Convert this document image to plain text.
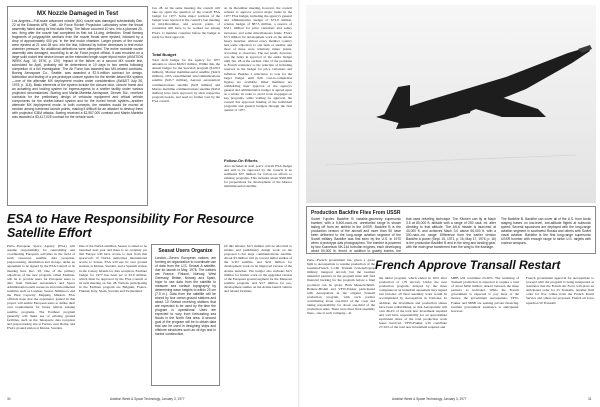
MX Nozzle Damaged in Test
Los Angeles—Full-scale advanced missile (MX) nozzle was damaged substantially Dec. 22 at the Edwards AFB, Calif., Air Force Rocket Propulsion Laboratory when the throat assembly failed during its first static firing. The failure occurred 10 sec. into a planned 20-sec. firing after the nozzle had completed its first hot 14-deg. deflection. Small flaming fragments of polygraphite sections from the nozzle throat were ejected, followed by a drop of approximately 400 psi. in the test motor chamber. Larger pieces of the nozzle were ejected at 21 and 28 sec. into the test, followed by further decreases in test motor chamber pressure. No additional deflections were attempted. The entire movable nozzle assembly was damaged, according to an Air Force project official. It was mounted on a large solid rocket test device known as the extended length super tripod motor (AVIATION WEEK Aug. 16, 1976, p. 120). Impact of the failure on a second MX nozzle test, scheduled for April, probably will be determined in 10 days to two weeks following completion of a full investigation. The Air Force has awarded two MX-related contracts. Boeing Aerospace Co., Seattle, was awarded a $7.9-million contract for design, fabrication and testing of a pre-prototype closure system for the shelter-based MX system—one of the alternate MX deployment modes under consideration (AW&ST July 26, 1976, p. 116). Basic elements of the system include the closure door, closure frame and an actuating and locking system for ingress-egress to a shelter facility under various projected circumstances. Boeing and Martin-Marietta Aerospace, Denver Div., received contracts for the preliminary design of vehicular equipment and critical vehicle components for the shelter-based system and for the buried trench system—another alternate MX deployment mode. In both concepts, the missiles would be moved at random among hardened launch points, making it difficult for an attacker to destroy them with projected ICBM attacks. Boeing received a $2,557,000 contract and Martin-Marietta was awarded a $3,417,025 contract for the vehicle work.
Jan. 28. At the same meeting, the council will take up again the question of the overall ESA budget for 1977. Some major portions of the budget were rejected at the council's last meeting in mid-December, and several points of contention still have to be worked out among ESA's 11 member countries before the budget is ready for final approval.
Total Budget
Total draft budget for the agency for 1977 amounts to about $626.5 million. Within this, the annual budget for the Spacelab program ($129.3 million), Marisat maritime/aerial satellite ($42.9 million), OTS experimental telecommunications satellite ($45.7 million), Aerosat aeronautical communications satellite ($2.8 million) and Marots maritime communications satellite ($43.6 million) have been approved by their respective program boards, and need no further vote by the ESA council.
At its December meeting, however, the council refused to approve several major items in the 1977 ESA budget, including the agency's general and administrative budget of $72.6 million, science budget of $87.5 million, a reserve of $32.1 million for price variations and salary increases, and some miscellaneous funds. ESA's $7.5 million for development work on the Ariane heavy launcher. Almost every member country had some objection to one item or another and most of these were relatively minor points, according to observers. The net result, however, was the delay in approval of the entire budget until Jan. 28 at the earliest. One of the problems is French resistance to the principle of including reserves in the budget for price variations and inflation. Besides a reluctance to vote for the larger budget until firm cost-to-completion figures are available. Other members are withholding their approval of the agency's general and administrative budget is agreed upon as a whole. In order to avoid work stoppages on key programs, while waiting for approval, the council has approved funding of the individual programs and general budgets through the first quarter of 1977.
Follow-On Efforts
Also included in next year's overall ESA budget and still to be approved by the council is an estimated $37 million for follow-on efforts to existing programs. This includes about $500,000 for preparations for development of the Marecs maritime/aerial satellite.
ESA to Have Responsibility For Resource Satellite Effort
Paris—European Space Agency (ESA) will assume responsibility for centralizing and coordinating European activities in the field of earth resources satellite data reception, preprocessing, distribution and storage, under an agreement to be signed by the ESA Council at its meeting here Dec. 28. One of the primary objectives of the new program, called Earthnet, will be to provide users for European users to data from National Aeronautics and Space Administration earth resources and environmental satellites such as Landsat, Seasat, Nimbus-G and the Heat Capacity Mapping Mission. ESA officials hope that the experience gained in this project will enable European users to define their own requirements for future remote sensing satellite programs. The Earthnet program generally will make use of existing ground facilities, such as the Telespazio data reception and preprocessing site at Fucino, near Rome, and ESA's ground station at Kiruna, Sweden.
One of the NASA satellites, Seasat, is slated to be launched next year and there is no certainty yet that Europe will have access to data from this spacecraft. If NASA authorizes international access to Seasat, ESA will use its own ground stations at Kiruna, Sweden, and a Spanish station in the Canary Islands for data reception. Earthnet budget for 1977 has been set at $3.9 million, which must be approved by the ESA Council at its next meeting on Jan. 28. Nations participating in the Earthnet program are Belgium, France, Finland, Italy, Spain, Sweden and Switzerland.
Seasat Users Organize
London—Seven European nations are forming an organization to coordinate use of data from the U.S. Seasat A satellite, due for launch in May, 1978. The nations are France, Finland, Norway, West Germany, Britain, Norway and Spain, hope to use data from the satellite to measure sea surface topography by determining wave heights to within 20 cm (7.9 in.). Data from the satellite will be stored by four ocean ground stations and about 10 Seasat receiving stations that are expected to be used by the time the program is operational. Uses are expected to vary from forecasting sea floods in the North Sea area. A second goal of the program will be to obtain data that can be used in designing ships and offshore structures such as oil rigs and in harbor construction.
Of this amount, $2.5 million will be allocated to studies and preliminary design work on the proposed L-Sat large communications satellite. About $3 million will go toward initial studies of the GTO satellite, and $2.6 million for development work on an improved version of the Ariane launcher. The budget also includes $4.5 million for further work on the upgraded version of the European ground segment for the Meteosat satellite program, and $3.7 million for pre-development studies on the Ariane launch vehicle and related facilities.
30	Aviation Week & Space Technology, January 3, 1977
Production Backfire Flies From USSR
Soviet Tupolev Backfire B variable-geometry supersonic bomber, with a 5,500-naut.-mi. unrefueled range is shown taking off from an airfield in the USSR. Backfire B is the production version of the aircraft and more than 50 have been delivered to the long-range aviation segment of the Soviet military. Backfire was first seen by the U.S. in 1970 when a prototype was photographed. The bomber is powered by two Kuznetsov NK-144 turbofan engines, each developing about 50,000 lb. thrust. In addition to gravity bombs, the
that used refueling technique. The Kitchen can fly at Mach 3.5 at 80,000 ft. altitude with a range of 250 naut. mi. after climbing to that altitude. The AS-6 missile is launched at 40,000 ft. and achieves Mach 3.0 above 60,000 ft. with a 300-naut.-mi. range. Difference from the earlier version Backfire A power (Sept. 15, 1971, p. 16; May 17, 1976, p. 16) is the production Backfire B and in the wing and landing gear, with the main gear transferred from the wing to the fuselage.
The Backfire B. Backfire can cover all of the U.S. from Arctic staging bases on low-level, low-altitude flights at subsonic speed. Several squadrons are deployed with the long-range aviation segment in southwest Russia and others with Soviet naval aviation. Backfire is the first long-range supersonic USSR bomber with enough range to strike U.S. targets with nuclear weapons.
Paris—French government has given a green light to Aerospatiale to resume production of the German-French C-160 Transall twin-turboprop military transport aircraft, but the German industrial partners in the program must still find financial backing for the program before a final go-ahead can be given. Both Messerschmitt-Bolkow-Blohm and VFW-Fokker participated with Aerospatiale in the original Transall production program, with each partner contributing about one-third of the costs and taking responsibility for about one-third of the production tasks. There were three final assembly lines—one at each company—in
French Approve Transall Restart
the initial program, which ended in 1972 after production of 179 aircraft. Under the new production program, delayed by the three companies in an industrial agreement they signed last October, all final assembly work would be accomplished by Aerospatiale in Toulouse. In addition, the investment and production shares have been redistributed, so that Aerospatiale will own 49.4% of the total new investment required and will have responsibility for an approximate equivalent share of the total production work hours involved. VFW-Fokker will contribute 27.34% of the total new investment required and
MBB will contribute 23.26%. The restarting of Transall production is expected to require a total of about $200 million, shared between the three partners as indicated. While the French government is expected to pay most of the money, the government Aerospatiale, VFW-Fokker and MBB are seeking private financing. German government assistance is anticipated, however.
French government approval for Aerospatiale to proceed with the program is being interpreted as assurance that the French Air Force will place an anticipated order for 25 Transalls. Another firm order for five comes from the French Postal Service and others are proposed. French air force squadron 50 Transalls
Aviation Week & Space Technology, January 3, 1977	31
